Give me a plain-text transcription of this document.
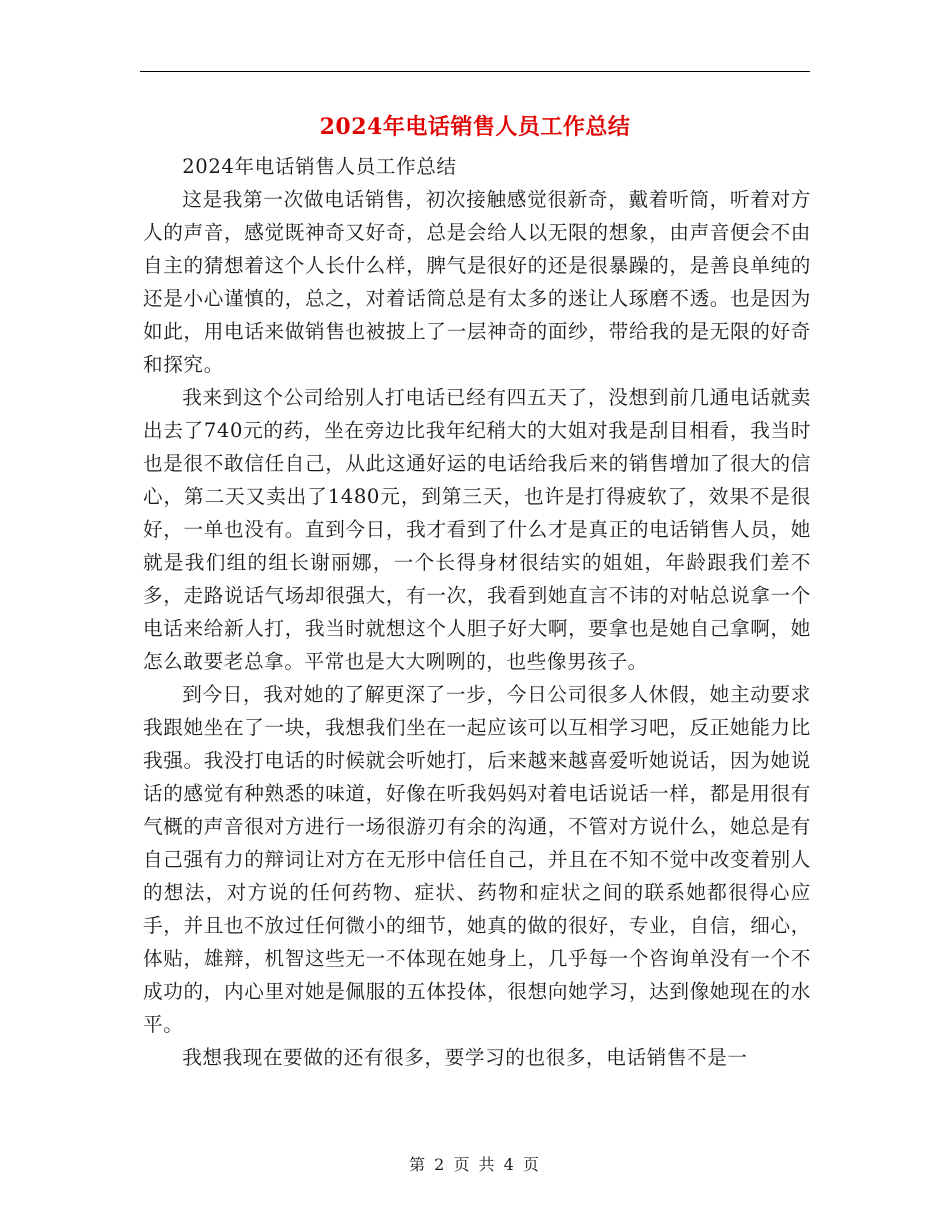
2024年电话销售人员工作总结

2024年电话销售人员工作总结

这是我第一次做电话销售，初次接触感觉很新奇，戴着听筒，听着对方人的声音，感觉既神奇又好奇，总是会给人以无限的想象，由声音便会不由自主的猜想着这个人长什么样，脾气是很好的还是很暴躁的，是善良单纯的还是小心谨慎的，总之，对着话筒总是有太多的迷让人琢磨不透。也是因为如此，用电话来做销售也被披上了一层神奇的面纱，带给我的是无限的好奇和探究。

我来到这个公司给别人打电话已经有四五天了，没想到前几通电话就卖出去了740元的药，坐在旁边比我年纪稍大的大姐对我是刮目相看，我当时也是很不敢信任自己，从此这通好运的电话给我后来的销售增加了很大的信心，第二天又卖出了1480元，到第三天，也许是打得疲软了，效果不是很好，一单也没有。直到今日，我才看到了什么才是真正的电话销售人员，她就是我们组的组长谢丽娜，一个长得身材很结实的姐姐，年龄跟我们差不多，走路说话气场却很强大，有一次，我看到她直言不讳的对帖总说拿一个电话来给新人打，我当时就想这个人胆子好大啊，要拿也是她自己拿啊，她怎么敢要老总拿。平常也是大大咧咧的，也些像男孩子。

到今日，我对她的了解更深了一步，今日公司很多人休假，她主动要求我跟她坐在了一块，我想我们坐在一起应该可以互相学习吧，反正她能力比我强。我没打电话的时候就会听她打，后来越来越喜爱听她说话，因为她说话的感觉有种熟悉的味道，好像在听我妈妈对着电话说话一样，都是用很有气概的声音很对方进行一场很游刃有余的沟通，不管对方说什么，她总是有自己强有力的辩词让对方在无形中信任自己，并且在不知不觉中改变着别人的想法，对方说的任何药物、症状、药物和症状之间的联系她都很得心应手，并且也不放过任何微小的细节，她真的做的很好，专业，自信，细心，体贴，雄辩，机智这些无一不体现在她身上，几乎每一个咨询单没有一个不成功的，内心里对她是佩服的五体投体，很想向她学习，达到像她现在的水平。

我想我现在要做的还有很多，要学习的也很多，电话销售不是一

第 2 页 共 4 页
